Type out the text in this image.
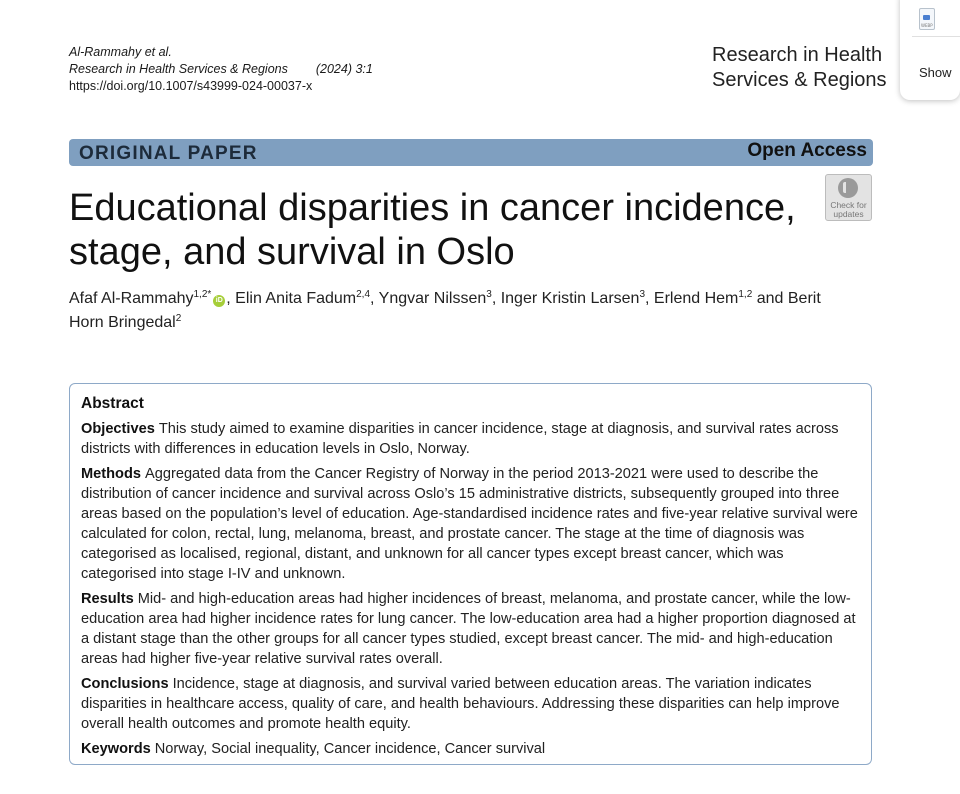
Al-Rammahy et al.
Research in Health Services & Regions (2024) 3:1
https://doi.org/10.1007/s43999-024-00037-x
Research in Health
Services & Regions
WEBP
Show
ORIGINAL PAPER	Open Access
Check for
updates
Educational disparities in cancer incidence, stage, and survival in Oslo
Afaf Al-Rammahy$^{1,2*}$iD , Elin Anita Fadum$^{2,4}$, Yngvar Nilssen$^3$, Inger Kristin Larsen$^3$, Erlend Hem$^{1,2}$ and Berit Horn Bringedal$^2$
Abstract

Objectives This study aimed to examine disparities in cancer incidence, stage at diagnosis, and survival rates across districts with differences in education levels in Oslo, Norway.

Methods Aggregated data from the Cancer Registry of Norway in the period 2013-2021 were used to describe the distribution of cancer incidence and survival across Oslo’s 15 administrative districts, subsequently grouped into three areas based on the population’s level of education. Age-standardised incidence rates and five-year relative survival were calculated for colon, rectal, lung, melanoma, breast, and prostate cancer. The stage at the time of diagnosis was categorised as localised, regional, distant, and unknown for all cancer types except breast cancer, which was categorised into stage I-IV and unknown.

Results Mid- and high-education areas had higher incidences of breast, melanoma, and prostate cancer, while the low-education area had higher incidence rates for lung cancer. The low-education area had a higher proportion diagnosed at a distant stage than the other groups for all cancer types studied, except breast cancer. The mid- and high-education areas had higher five-year relative survival rates overall.

Conclusions Incidence, stage at diagnosis, and survival varied between education areas. The variation indicates disparities in healthcare access, quality of care, and health behaviours. Addressing these disparities can help improve overall health outcomes and promote health equity.

Keywords Norway, Social inequality, Cancer incidence, Cancer survival
